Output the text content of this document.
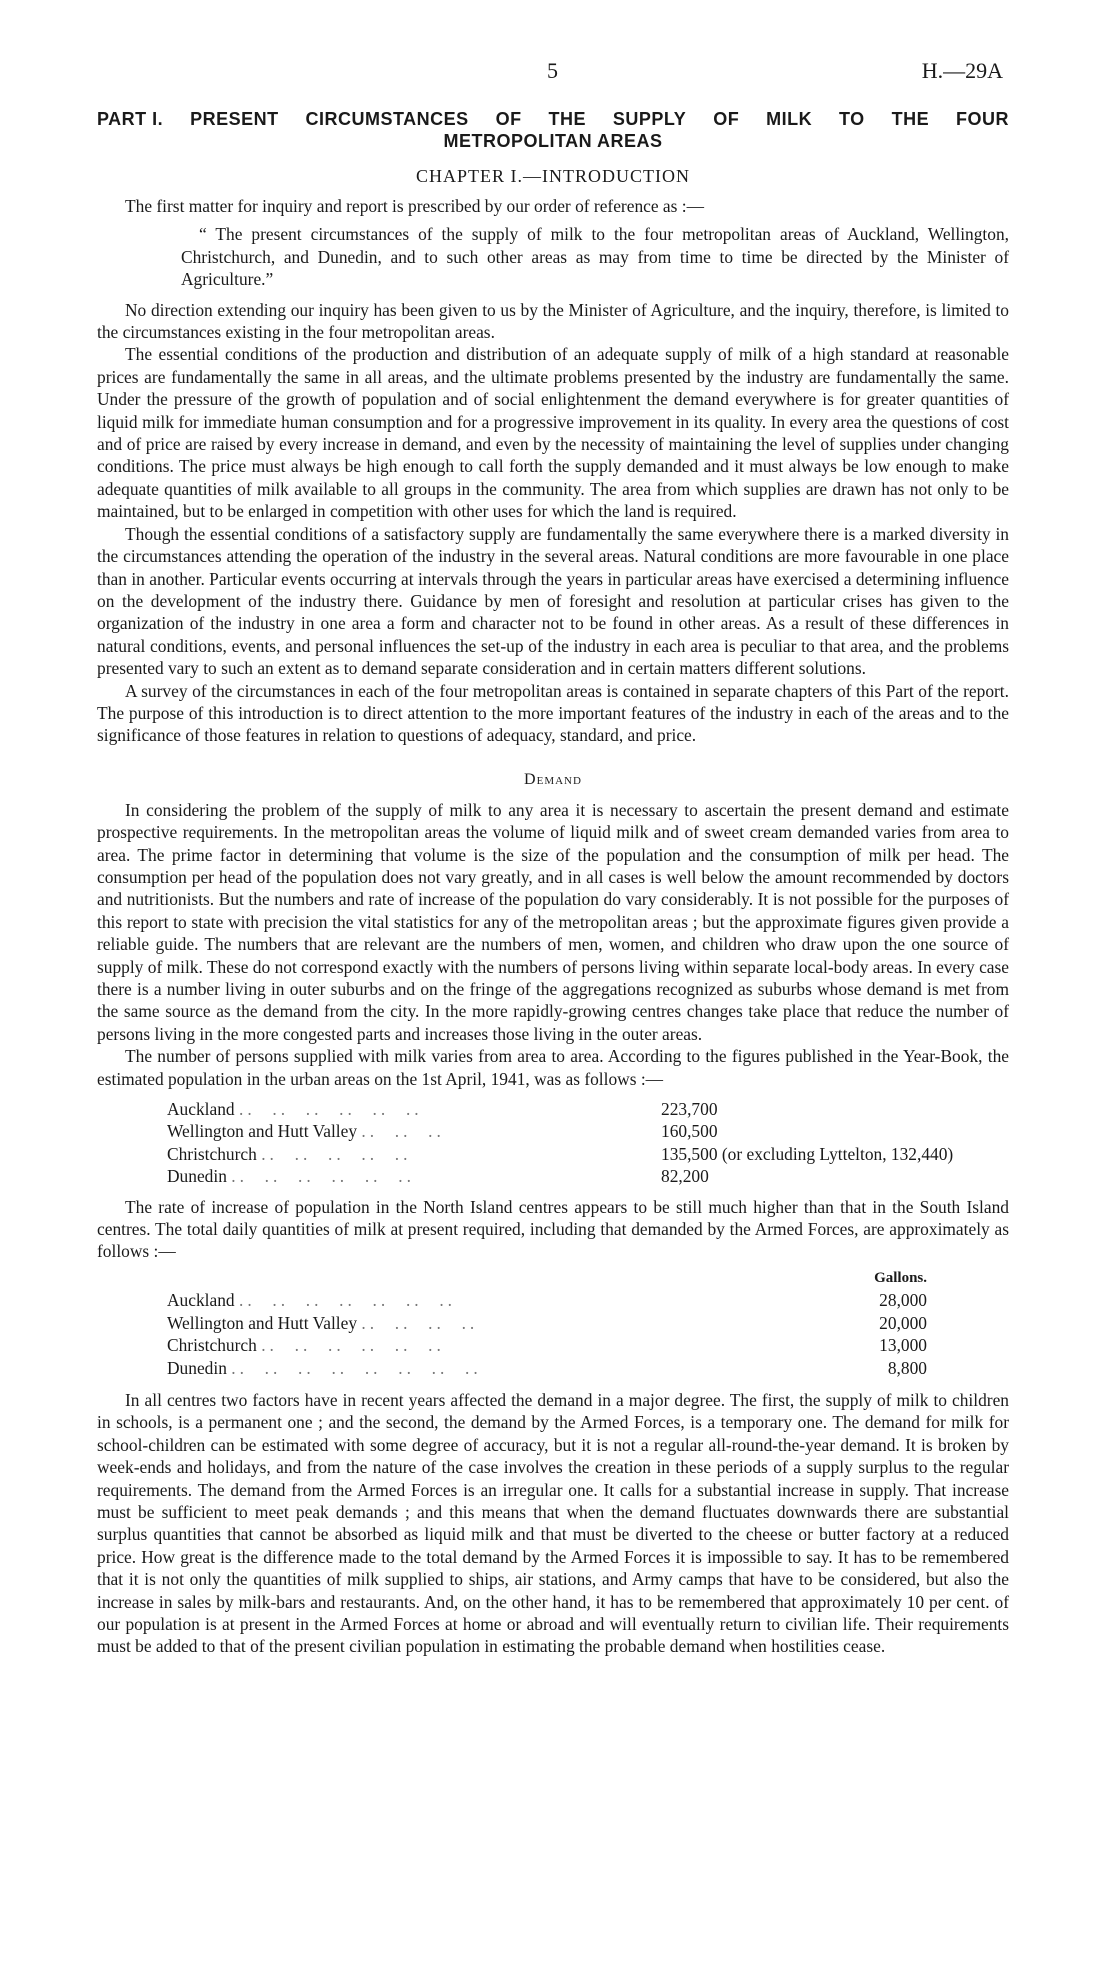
5	H.—29A
PART I. PRESENT CIRCUMSTANCES OF THE SUPPLY OF MILK TO THE FOUR
METROPOLITAN AREAS
CHAPTER I.—INTRODUCTION

The first matter for inquiry and report is prescribed by our order of reference as :—

“ The present circumstances of the supply of milk to the four metropolitan areas of Auckland, Wellington, Christchurch, and Dunedin, and to such other areas as may from time to time be directed by the Minister of Agriculture.”

No direction extending our inquiry has been given to us by the Minister of Agriculture, and the inquiry, therefore, is limited to the circumstances existing in the four metropolitan areas.

The essential conditions of the production and distribution of an adequate supply of milk of a high standard at reasonable prices are fundamentally the same in all areas, and the ultimate problems presented by the industry are fundamentally the same. Under the pressure of the growth of population and of social enlightenment the demand everywhere is for greater quantities of liquid milk for immediate human consumption and for a progressive improvement in its quality. In every area the questions of cost and of price are raised by every increase in demand, and even by the necessity of maintaining the level of supplies under changing conditions. The price must always be high enough to call forth the supply demanded and it must always be low enough to make adequate quantities of milk available to all groups in the community. The area from which supplies are drawn has not only to be maintained, but to be enlarged in competition with other uses for which the land is required.

Though the essential conditions of a satisfactory supply are fundamentally the same everywhere there is a marked diversity in the circumstances attending the operation of the industry in the several areas. Natural conditions are more favourable in one place than in another. Particular events occurring at intervals through the years in particular areas have exercised a determining influence on the development of the industry there. Guidance by men of foresight and resolution at particular crises has given to the organization of the industry in one area a form and character not to be found in other areas. As a result of these differences in natural conditions, events, and personal influences the set-up of the industry in each area is peculiar to that area, and the problems presented vary to such an extent as to demand separate consideration and in certain matters different solutions.

A survey of the circumstances in each of the four metropolitan areas is contained in separate chapters of this Part of the report. The purpose of this introduction is to direct attention to the more important features of the industry in each of the areas and to the significance of those features in relation to questions of adequacy, standard, and price.

Demand

In considering the problem of the supply of milk to any area it is necessary to ascertain the present demand and estimate prospective requirements. In the metropolitan areas the volume of liquid milk and of sweet cream demanded varies from area to area. The prime factor in determining that volume is the size of the population and the consumption of milk per head. The consumption per head of the population does not vary greatly, and in all cases is well below the amount recommended by doctors and nutritionists. But the numbers and rate of increase of the population do vary considerably. It is not possible for the purposes of this report to state with precision the vital statistics for any of the metropolitan areas ; but the approximate figures given provide a reliable guide. The numbers that are relevant are the numbers of men, women, and children who draw upon the one source of supply of milk. These do not correspond exactly with the numbers of persons living within separate local-body areas. In every case there is a number living in outer suburbs and on the fringe of the aggregations recognized as suburbs whose demand is met from the same source as the demand from the city. In the more rapidly-growing centres changes take place that reduce the number of persons living in the more congested parts and increases those living in the outer areas.

The number of persons supplied with milk varies from area to area. According to the figures published in the Year-Book, the estimated population in the urban areas on the 1st April, 1941, was as follows :—

Auckland ..  ..  ..  ..  ..  ..	223,700
Wellington and Hutt Valley ..  ..  ..	160,500
Christchurch ..  ..  ..  ..  ..	135,500 (or excluding Lyttelton, 132,440)
Dunedin ..  ..  ..  ..  ..  ..	82,200

The rate of increase of population in the North Island centres appears to be still much higher than that in the South Island centres. The total daily quantities of milk at present required, including that demanded by the Armed Forces, are approximately as follows :—

	Gallons.
Auckland ..  ..  ..  ..  ..  ..  ..	28,000
Wellington and Hutt Valley ..  ..  ..  ..	20,000
Christchurch ..  ..  ..  ..  ..  ..	13,000
Dunedin ..  ..  ..  ..  ..  ..  ..  ..	8,800

In all centres two factors have in recent years affected the demand in a major degree. The first, the supply of milk to children in schools, is a permanent one ; and the second, the demand by the Armed Forces, is a temporary one. The demand for milk for school-children can be estimated with some degree of accuracy, but it is not a regular all-round-the-year demand. It is broken by week-ends and holidays, and from the nature of the case involves the creation in these periods of a supply surplus to the regular requirements. The demand from the Armed Forces is an irregular one. It calls for a substantial increase in supply. That increase must be sufficient to meet peak demands ; and this means that when the demand fluctuates downwards there are substantial surplus quantities that cannot be absorbed as liquid milk and that must be diverted to the cheese or butter factory at a reduced price. How great is the difference made to the total demand by the Armed Forces it is impossible to say. It has to be remembered that it is not only the quantities of milk supplied to ships, air stations, and Army camps that have to be considered, but also the increase in sales by milk-bars and restaurants. And, on the other hand, it has to be remembered that approximately 10 per cent. of our population is at present in the Armed Forces at home or abroad and will eventually return to civilian life. Their requirements must be added to that of the present civilian population in estimating the probable demand when hostilities cease.
